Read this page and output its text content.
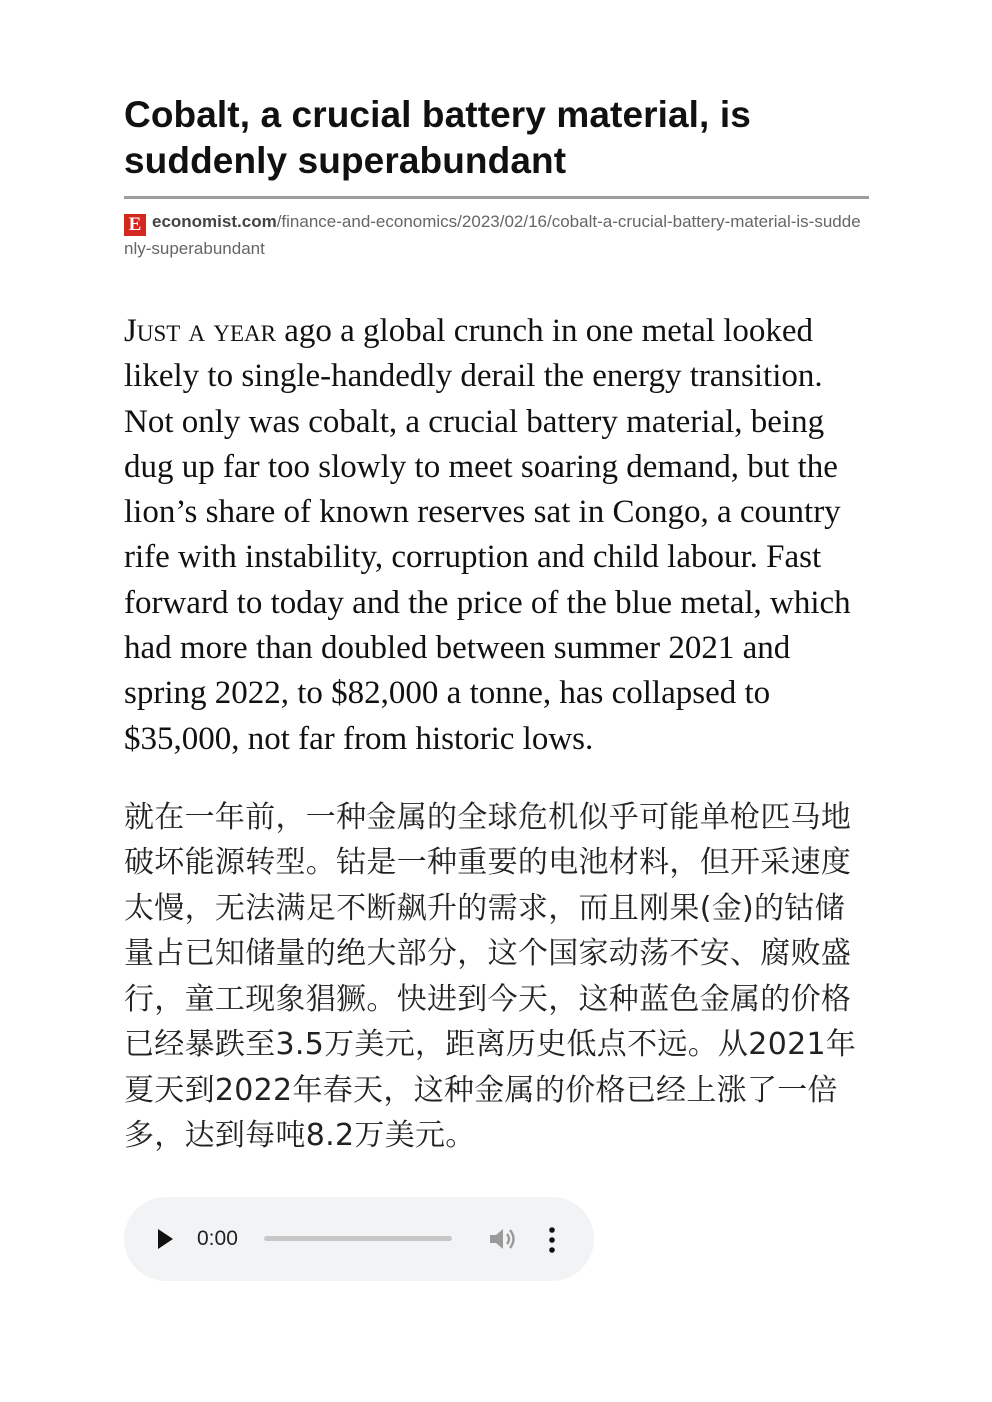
Cobalt, a crucial battery material, is suddenly superabundant
E economist.com/finance-and-economics/2023/02/16/cobalt-a-crucial-battery-material-is-suddenly-superabundant

Just a year ago a global crunch in one metal looked likely to single-handedly derail the energy transition. Not only was cobalt, a crucial battery material, being dug up far too slowly to meet soaring demand, but the lion’s share of known reserves sat in Congo, a country rife with instability, corruption and child labour. Fast forward to today and the price of the blue metal, which had more than doubled between summer 2021 and spring 2022, to $82,000 a tonne, has collapsed to $35,000, not far from historic lows.

就在一年前，一种金属的全球危机似乎可能单枪匹马地破坏能源转型。钴是一种重要的电池材料，但开采速度太慢，无法满足不断飙升的需求，而且刚果(金)的钴储量占已知储量的绝大部分，这个国家动荡不安、腐败盛行，童工现象猖獗。快进到今天，这种蓝色金属的价格已经暴跌至3.5万美元，距离历史低点不远。从2021年夏天到2022年春天，这种金属的价格已经上涨了一倍多，达到每吨8.2万美元。

0:00
